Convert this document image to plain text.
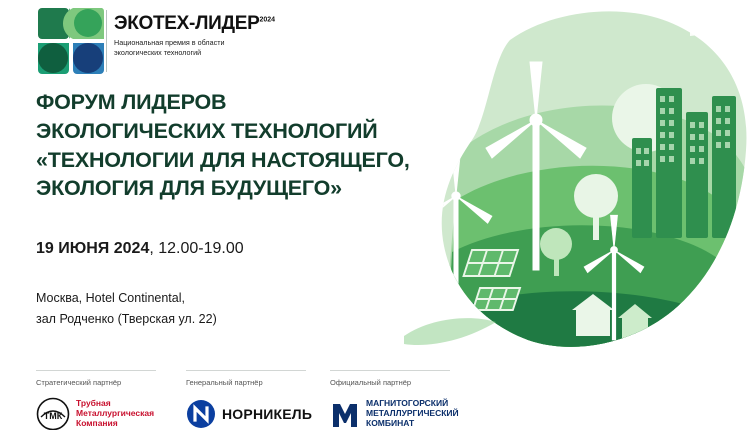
ЭКОТЕХ-$ЛИДЕР^{2024}$
Национальная премия в области экологических технологий
ФОРУМ ЛИДЕРОВ
ЭКОЛОГИЧЕСКИХ ТЕХНОЛОГИЙ
«ТЕХНОЛОГИИ ДЛЯ НАСТОЯЩЕГО,
ЭКОЛОГИЯ ДЛЯ БУДУЩЕГО»
19 ИЮНЯ 2024, 12.00-19.00
Москва, Hotel Continental,
зал Родченко (Тверская ул. 22)
Стратегический партнёр
ТМК
Трубная
Металлургическая
Компания
Генеральный партнёр
НОРНИКЕЛЬ
Официальный партнёр
МАГНИТОГОРСКИЙ
МЕТАЛЛУРГИЧЕСКИЙ
КОМБИНАТ
